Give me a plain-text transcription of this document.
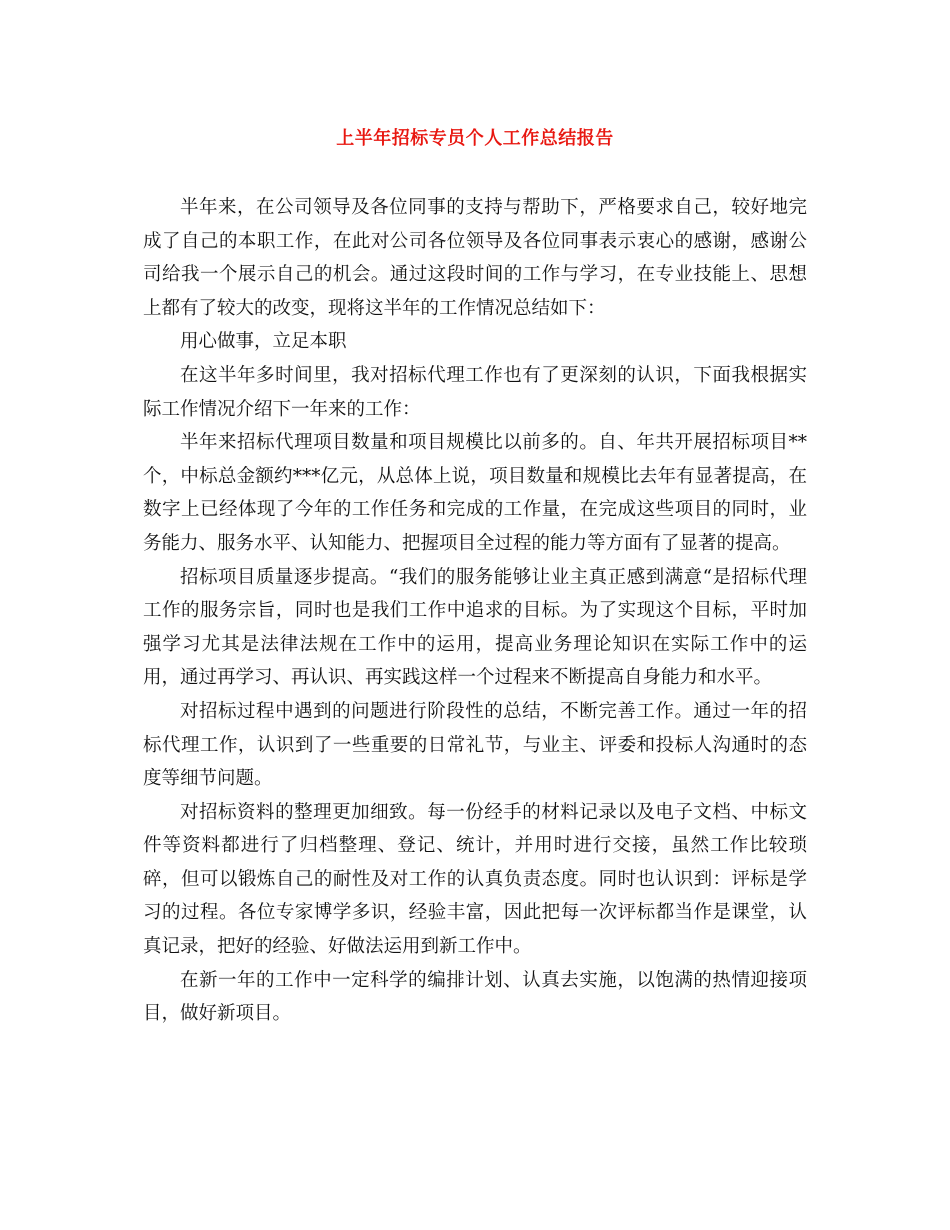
上半年招标专员个人工作总结报告

半年来，在公司领导及各位同事的支持与帮助下，严格要求自己，较好地完成了自己的本职工作，在此对公司各位领导及各位同事表示衷心的感谢，感谢公司给我一个展示自己的机会。通过这段时间的工作与学习，在专业技能上、思想上都有了较大的改变，现将这半年的工作情况总结如下：

用心做事，立足本职

在这半年多时间里，我对招标代理工作也有了更深刻的认识，下面我根据实际工作情况介绍下一年来的工作：

半年来招标代理项目数量和项目规模比以前多的。自、年共开展招标项目**个，中标总金额约***亿元，从总体上说，项目数量和规模比去年有显著提高，在数字上已经体现了今年的工作任务和完成的工作量，在完成这些项目的同时，业务能力、服务水平、认知能力、把握项目全过程的能力等方面有了显著的提高。

招标项目质量逐步提高。“我们的服务能够让业主真正感到满意“是招标代理工作的服务宗旨，同时也是我们工作中追求的目标。为了实现这个目标，平时加强学习尤其是法律法规在工作中的运用，提高业务理论知识在实际工作中的运用，通过再学习、再认识、再实践这样一个过程来不断提高自身能力和水平。

对招标过程中遇到的问题进行阶段性的总结，不断完善工作。通过一年的招标代理工作，认识到了一些重要的日常礼节，与业主、评委和投标人沟通时的态度等细节问题。

对招标资料的整理更加细致。每一份经手的材料记录以及电子文档、中标文件等资料都进行了归档整理、登记、统计，并用时进行交接，虽然工作比较琐碎，但可以锻炼自己的耐性及对工作的认真负责态度。同时也认识到：评标是学习的过程。各位专家博学多识，经验丰富，因此把每一次评标都当作是课堂，认真记录，把好的经验、好做法运用到新工作中。

在新一年的工作中一定科学的编排计划、认真去实施，以饱满的热情迎接项目，做好新项目。
